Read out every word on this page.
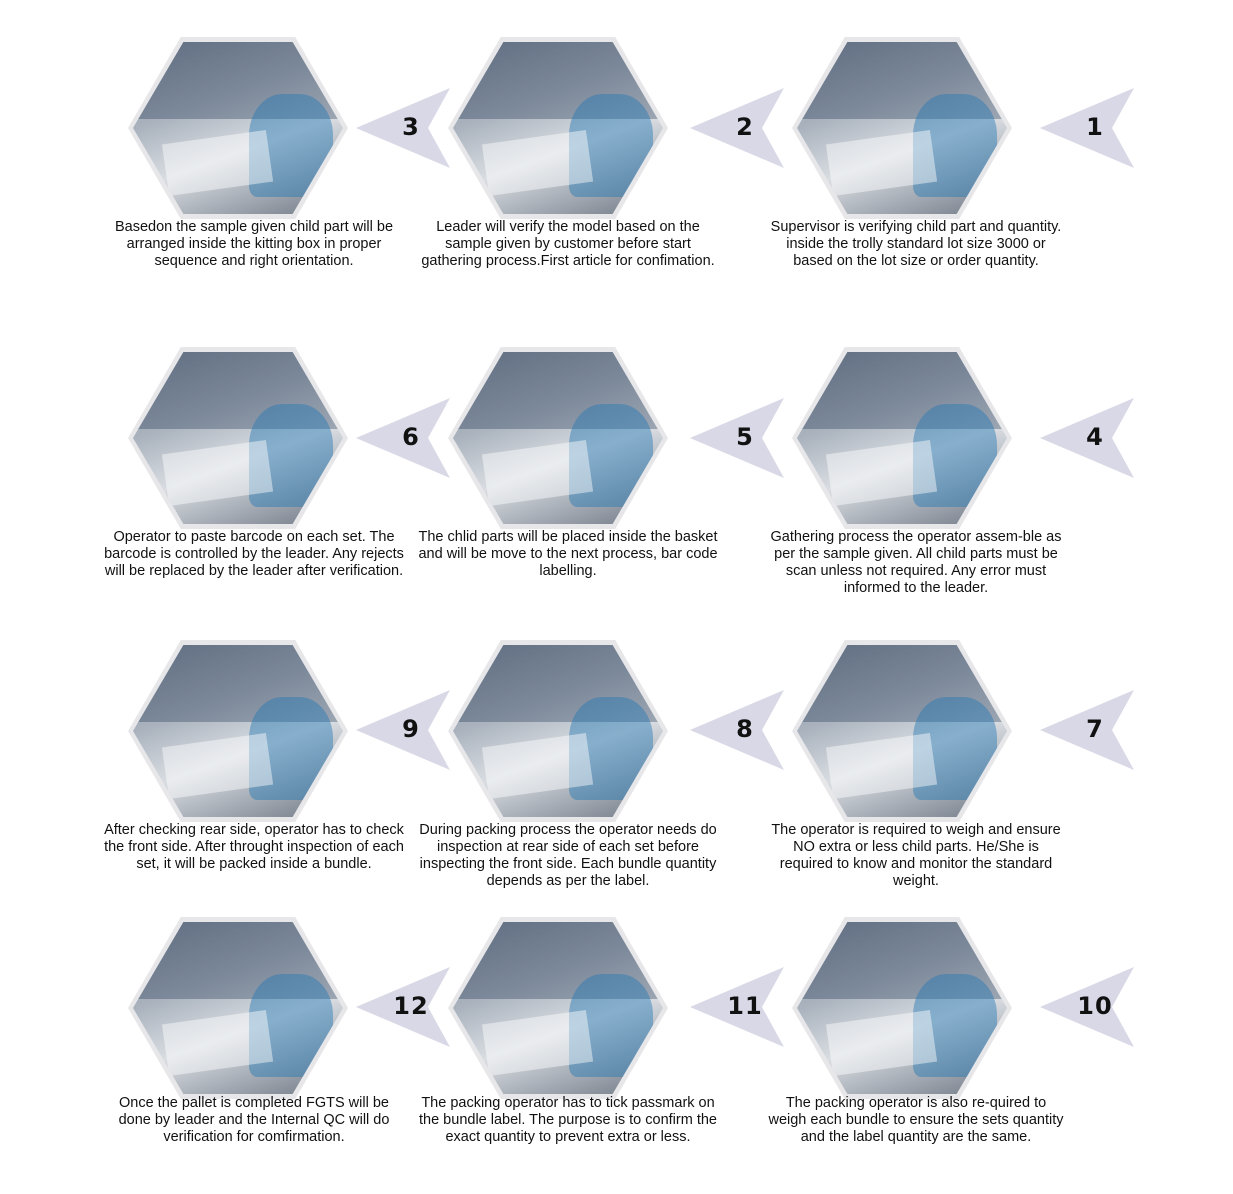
1
Supervisor is verifying child part and quantity. inside the trolly standard lot size 3000 or based on the lot size or order quantity.
2
Leader will verify the model based on the sample given by customer before start gathering process.First article for confimation.
3
Basedon the sample given child part will be arranged inside the kitting box in proper sequence and right orientation.
4
Gathering process the operator assem-ble as per the sample given. All child parts must be scan unless not required. Any error must informed to the leader.
5
The chlid parts will be placed inside the basket and will be move to the next process, bar code labelling.
6
Operator to paste barcode on each set. The barcode is controlled by the leader. Any rejects will be replaced by the leader after verification.
7
The operator is required to weigh and ensure NO extra or less child parts. He/She is required to know and monitor the standard weight.
8
During packing process the operator needs do inspection at rear side of each set before inspecting the front side. Each bundle quantity depends as per the label.
9
After checking rear side, operator has to check the front side. After throught inspection of each set, it will be packed inside a bundle.
10
The packing operator is also re-quired to weigh each bundle to ensure the sets quantity and the label quantity are the same.
11
The packing operator has to tick passmark on the bundle label. The purpose is to confirm the exact quantity to prevent extra or less.
12
Once the pallet is completed FGTS will be done by leader and the Internal QC will do verification for comfirmation.
